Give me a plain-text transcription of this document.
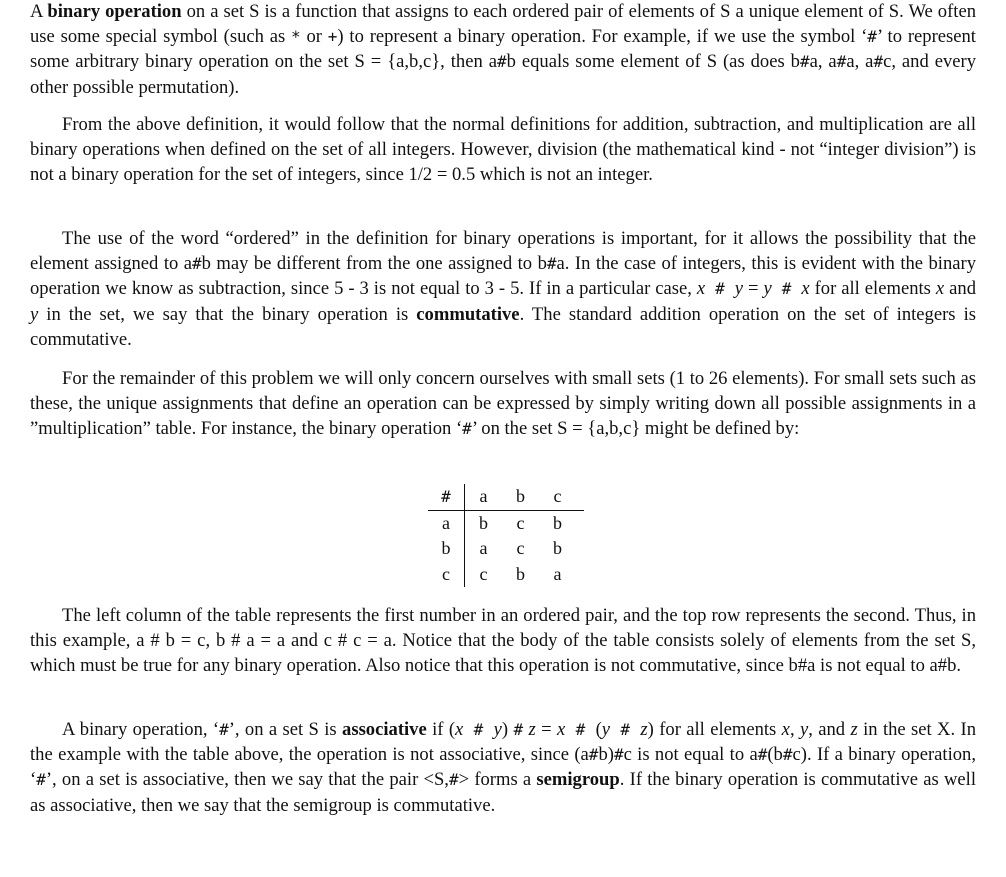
A binary operation on a set S is a function that assigns to each ordered pair of elements of S a unique element of S. We often use some special symbol (such as * or +) to represent a binary operation. For example, if we use the symbol ‘#’ to represent some arbitrary binary operation on the set S = {a,b,c}, then a#b equals some element of S (as does b#a, a#a, a#c, and every other possible permutation).

From the above definition, it would follow that the normal definitions for addition, subtraction, and multiplication are all binary operations when defined on the set of all integers. However, division (the mathematical kind - not “integer division”) is not a binary operation for the set of integers, since 1/2 = 0.5 which is not an integer.

The use of the word “ordered” in the definition for binary operations is important, for it allows the possibility that the element assigned to a#b may be different from the one assigned to b#a. In the case of integers, this is evident with the binary operation we know as subtraction, since 5 - 3 is not equal to 3 - 5. If in a particular case, x # y = y # x for all elements x and y in the set, we say that the binary operation is commutative. The standard addition operation on the set of integers is commutative.

For the remainder of this problem we will only concern ourselves with small sets (1 to 26 elements). For small sets such as these, the unique assignments that define an operation can be expressed by simply writing down all possible assignments in a ”multiplication” table. For instance, the binary operation ‘#’ on the set S = {a,b,c} might be defined by:

#	a	b	c	
a	b	c	b	
b	a	c	b	
c	c	b	a	

The left column of the table represents the first number in an ordered pair, and the top row represents the second. Thus, in this example, a # b = c, b # a = a and c # c = a. Notice that the body of the table consists solely of elements from the set S, which must be true for any binary operation. Also notice that this operation is not commutative, since b#a is not equal to a#b.

A binary operation, ‘#’, on a set S is associative if (x # y) # z = x # (y # z) for all elements x, y, and z in the set X. In the example with the table above, the operation is not associative, since (a#b)#c is not equal to a#(b#c). If a binary operation, ‘#’, on a set is associative, then we say that the pair <S,#> forms a semigroup. If the binary operation is commutative as well as associative, then we say that the semigroup is commutative.
